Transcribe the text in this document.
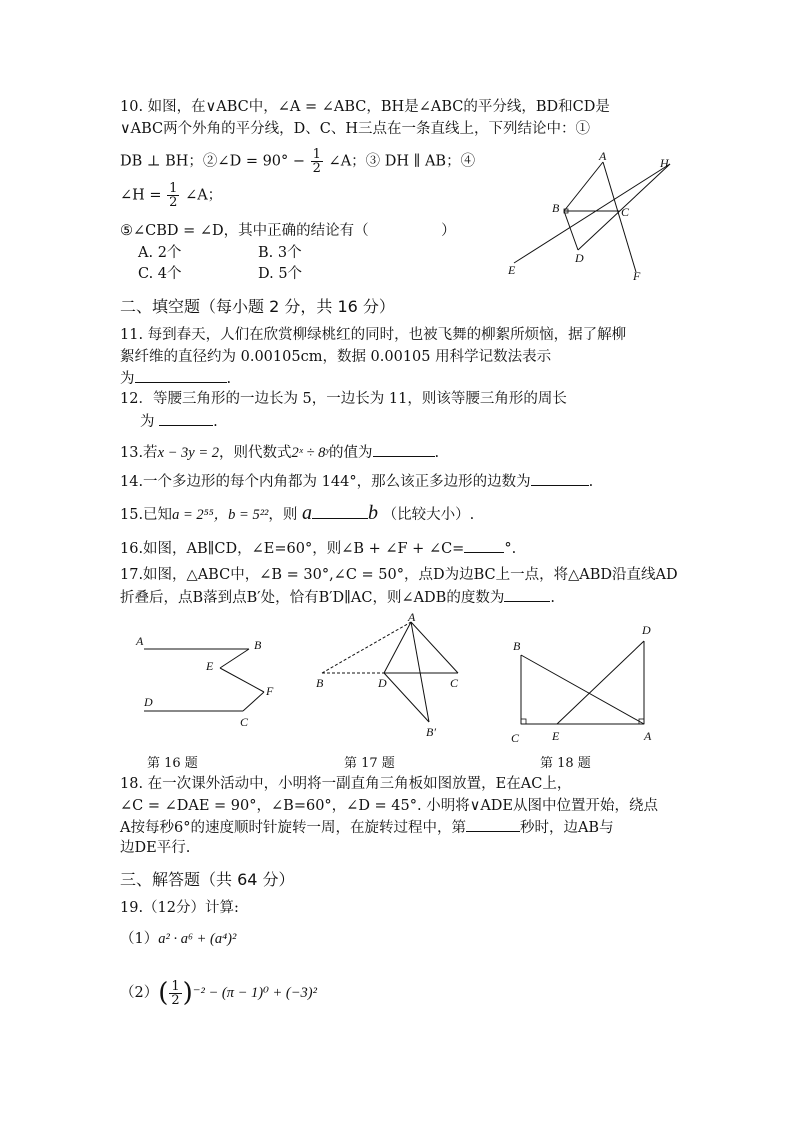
10. 如图，在∨ABC中，∠A = ∠ABC，BH是∠ABC的平分线，BD和CD是
∨ABC两个外角的平分线，D、C、H三点在一条直线上，下列结论中：①
DB ⊥ BH；②∠D = $90^\circ - \frac{1}{2}$ ∠A；③ DH ∥ AB；④
∠H = $\frac{1}{2}$ ∠A；
⑤∠CBD = ∠D，其中正确的结论有（　　　　　）
A. 2个	B. 3个
C. 4个	D. 5个
A	H
B	C
D
E	F
二、填空题（每小题 2 分，共 16 分）
11. 每到春天，人们在欣赏柳绿桃红的同时，也被飞舞的柳絮所烦恼，据了解柳
絮纤维的直径约为 0.00105cm，数据 0.00105 用科学记数法表示
为	.
12．等腰三角形的一边长为 5，一边长为 11，则该等腰三角形的周长
为	.
13.若x − 3y = 2，则代数式2ˣ ÷ 8ʸ的值为	.
14.一个多边形的每个内角都为 144°，那么该正多边形的边数为	.
15.已知a = 2⁵⁵，b = 5²²，则 a	b （比较大小）.
16.如图，AB∥CD，∠E=60°，则∠B + ∠F + ∠C=	°.
17.如图，△ABC中，∠B = 30°,∠C = 50°，点D为边BC上一点，将△ABD沿直线AD
折叠后，点B落到点B′处，恰有B′D∥AC，则∠ADB的度数为	.
A	B
E
F
D
C
A
B	D	C
B′
B
D
C	E	A
第 16 题	第 17 题	第 18 题
18. 在一次课外活动中，小明将一副直角三角板如图放置，E在AC上，
∠C = ∠DAE = 90°，∠B=60°，∠D = 45°. 小明将∨ADE从图中位置开始，绕点
A按每秒6°的速度顺时针旋转一周，在旋转过程中，第	秒时，边AB与
边DE平行.
三、解答题（共 64 分）
19.（12分）计算:
（1）a² · a⁶ + (a⁴)²
$(2)( \frac{1}{2} )^{-2} - (\pi - 1)^0 + (-3)^2$
